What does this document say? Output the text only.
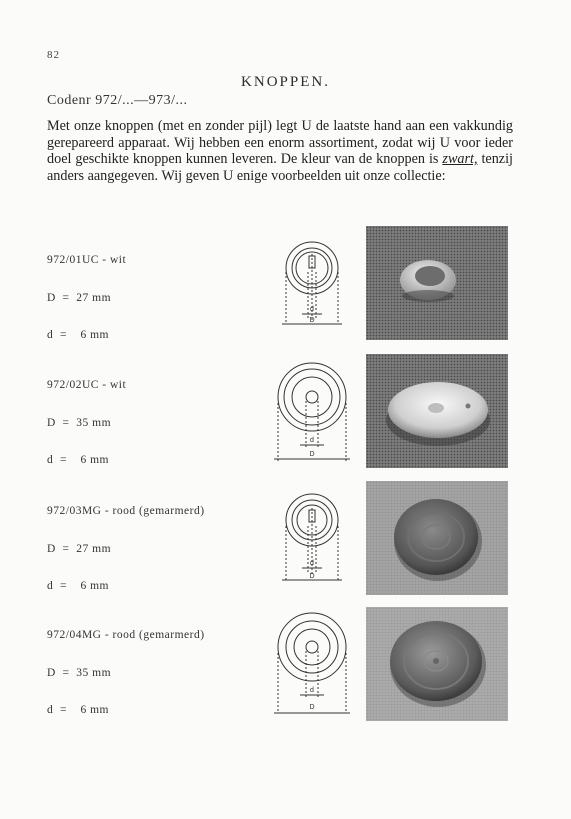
82
KNOPPEN.
Codenr 972/...—973/...
Met onze knoppen (met en zonder pijl) legt U de laatste hand aan een vakkundig gerepareerd apparaat. Wij hebben een enorm assortiment, zodat wij U voor ieder doel geschikte knoppen kunnen leveren. De kleur van de knoppen is zwart, tenzij anders aangegeven. Wij geven U enige voorbeelden uit onze collectie:

972/01UC - wit

D  =  27 mm

d  =    6 mm

d
D

972/02UC - wit

D  =  35 mm

d  =    6 mm

d
D

972/03MG - rood (gemarmerd)

D  =  27 mm

d  =    6 mm

d
D

972/04MG - rood (gemarmerd)

D  =  35 mm

d  =    6 mm

d
D
